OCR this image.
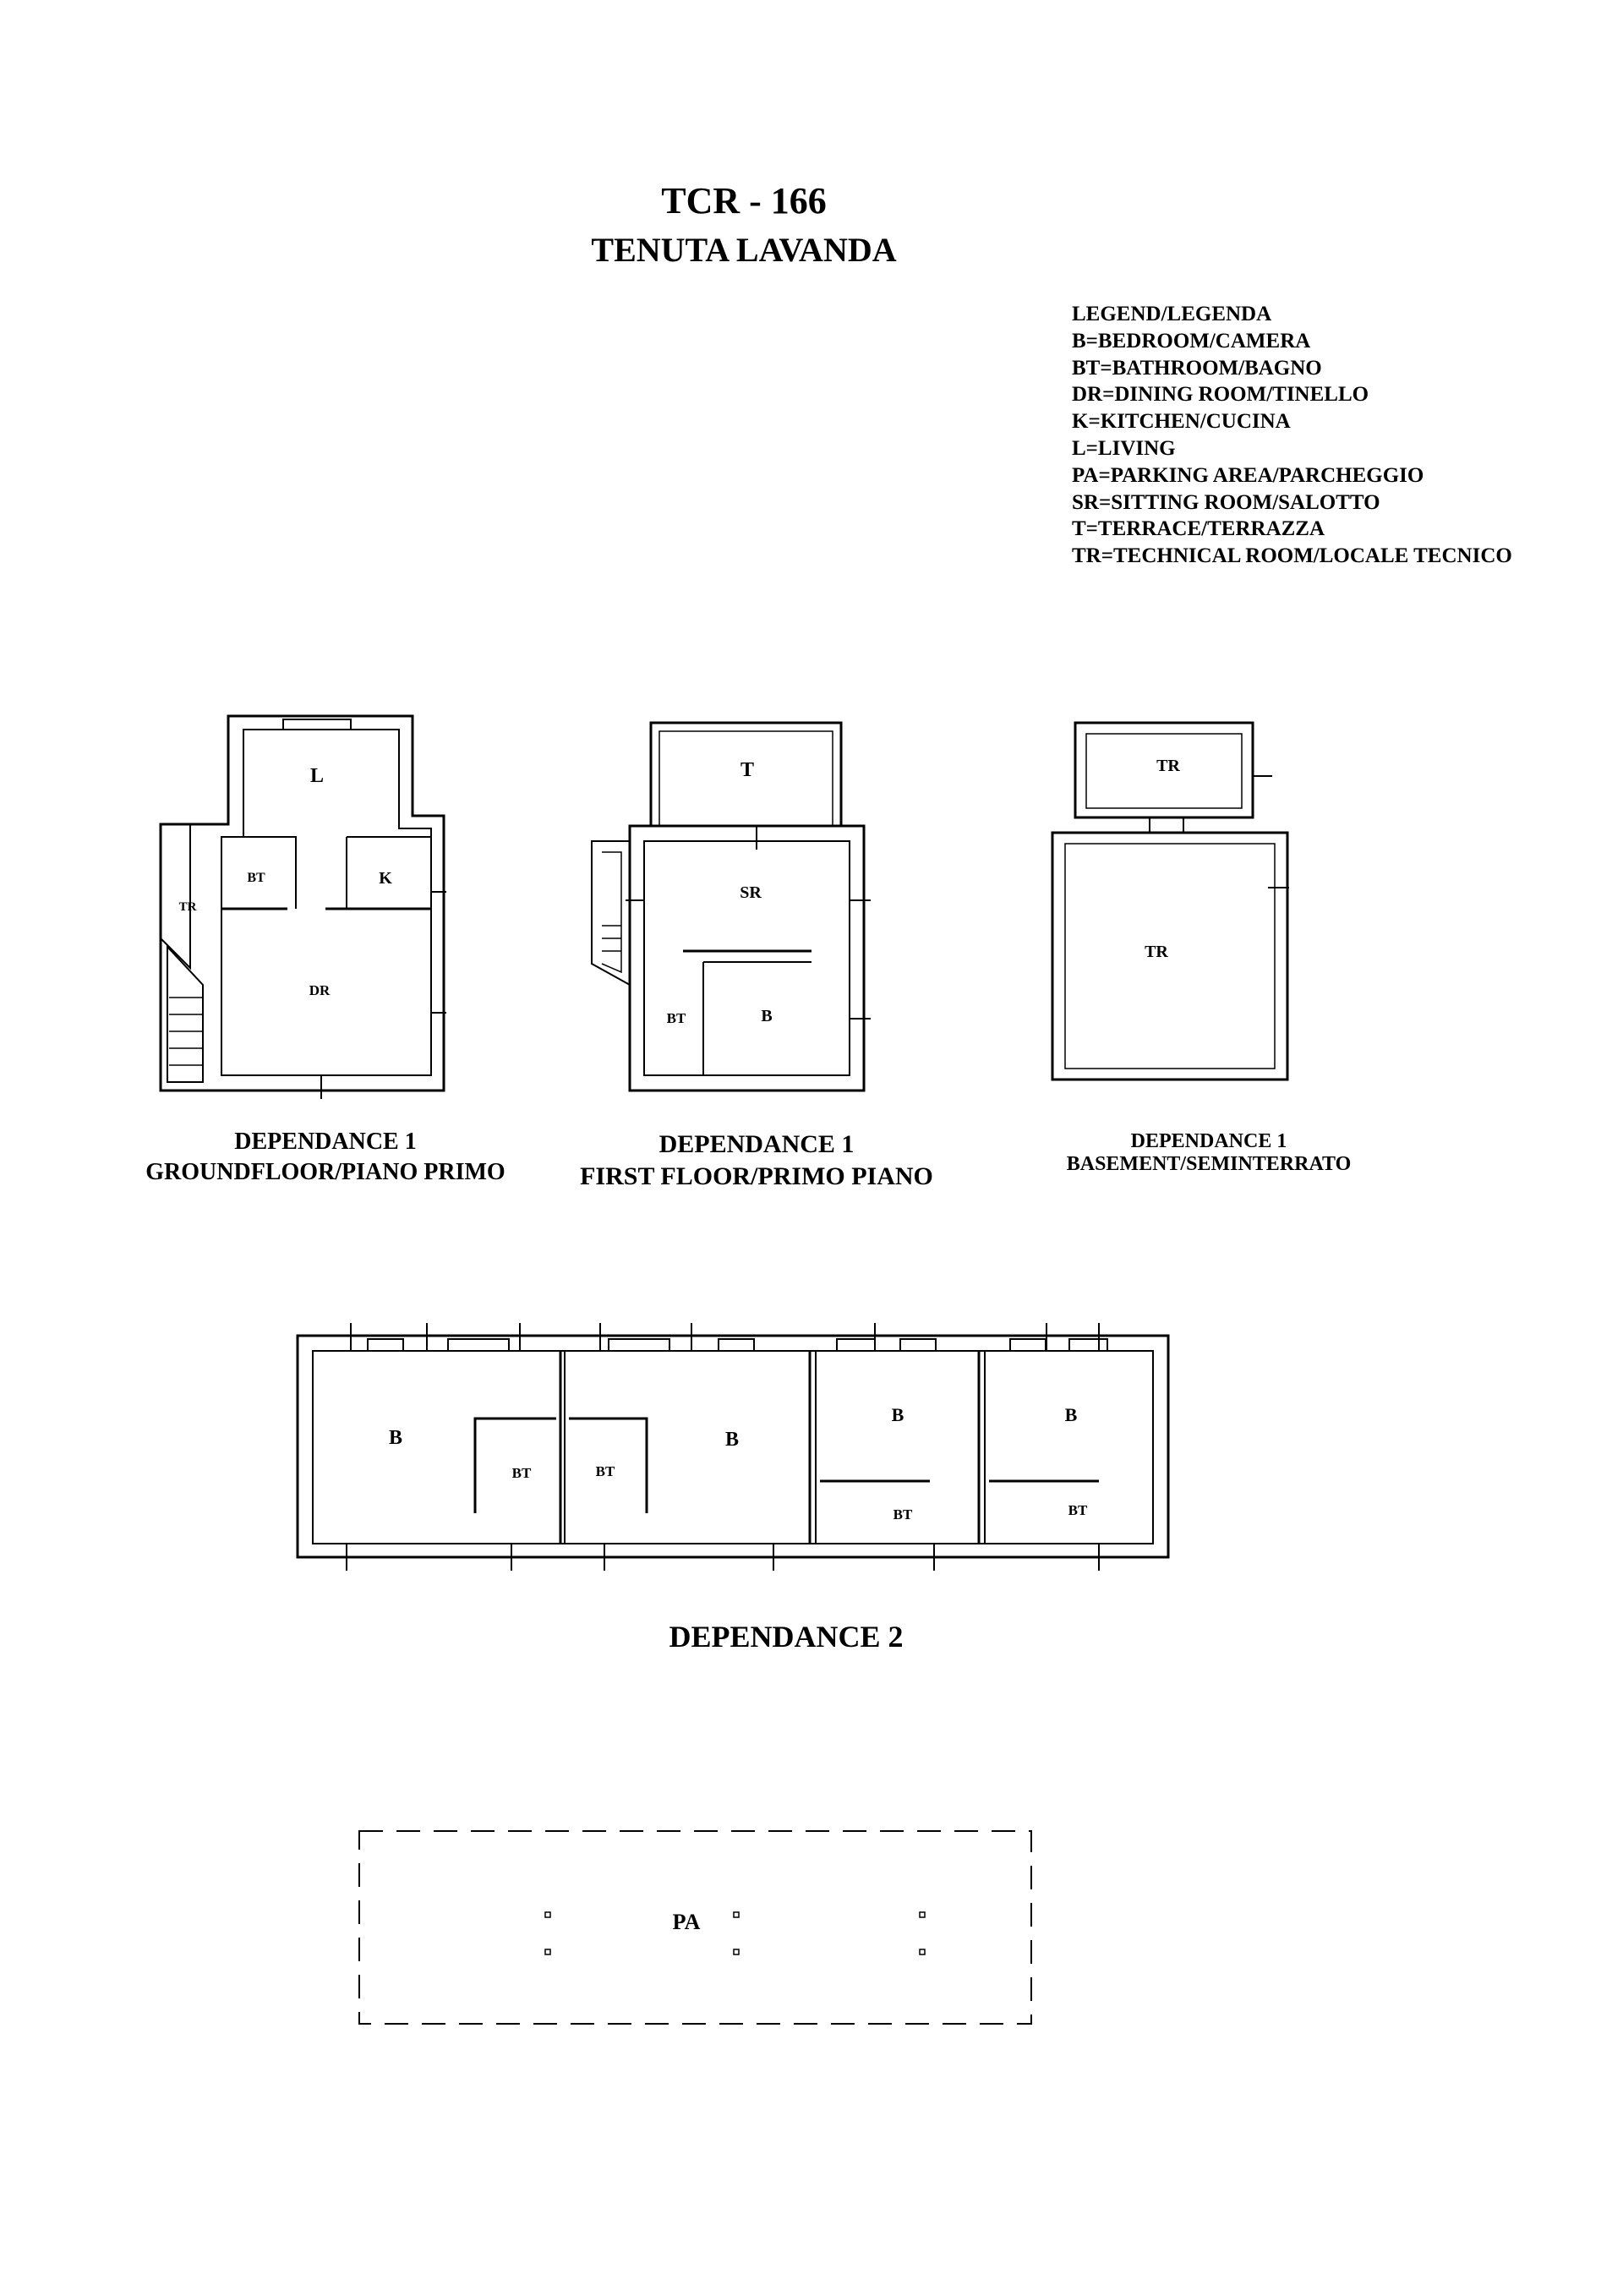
TCR - 166
TENUTA LAVANDA
LEGEND/LEGENDA
B=BEDROOM/CAMERA
BT=BATHROOM/BAGNO
DR=DINING ROOM/TINELLO
K=KITCHEN/CUCINA
L=LIVING
PA=PARKING AREA/PARCHEGGIO
SR=SITTING ROOM/SALOTTO
T=TERRACE/TERRAZZA
TR=TECHNICAL ROOM/LOCALE TECNICO
L
BT	K
TR
DR
T
SR
BT	B
TR
TR
B
BT	BT
B
B
BT
B
BT
PA
DEPENDANCE 1
GROUNDFLOOR/PIANO PRIMO
DEPENDANCE 1
FIRST FLOOR/PRIMO PIANO
DEPENDANCE 1
BASEMENT/SEMINTERRATO
DEPENDANCE 2
